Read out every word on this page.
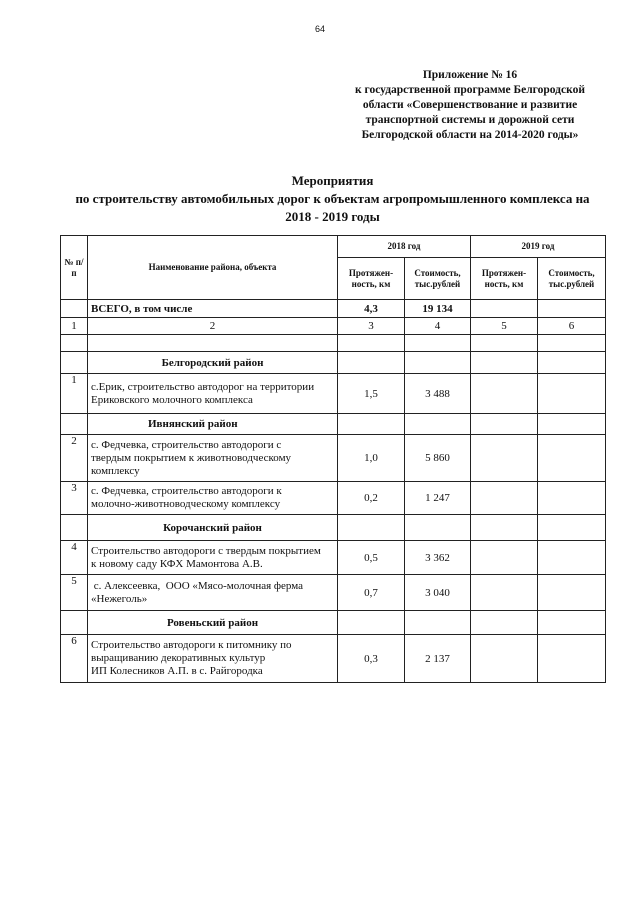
64
Приложение № 16
к государственной программе Белгородской
области «Совершенствование и развитие
транспортной системы и дорожной сети
Белгородской области на 2014-2020 годы»
Мероприятия
по строительству автомобильных дорог к объектам агропромышленного комплекса на
2018 - 2019 годы
№ п/п	Наименование района, объекта	2018 год		2019 год	
		Протяжен-ность, км	Стоимость, тыс.рублей	Протяжен-ность, км	Стоимость, тыс.рублей
	ВСЕГО, в том числе	4,3	19 134		
1	2	3	4	5	6

	Белгородский район				
1	с.Ерик, строительство автодорог на территории
Ериковского молочного комплекса	1,5	3 488		
	Ивнянский район				
2	с. Федчевка, строительство автодороги с
твердым покрытием к животноводческому
комплексу	1,0	5 860		
3	с. Федчевка, строительство автодороги к
молочно-животноводческому комплексу	0,2	1 247		
	Корочанский район				
4	Строительство автодороги с твердым покрытием
к новому саду КФХ Мамонтова А.В.	0,5	3 362		
5	с. Алексеевка,  ООО «Мясо-молочная ферма
«Нежеголь»	0,7	3 040		
	Ровеньский район				
6	Строительство автодороги к питомнику по
выращиванию декоративных культур
ИП Колесников А.П. в с. Райгородка	0,3	2 137		
